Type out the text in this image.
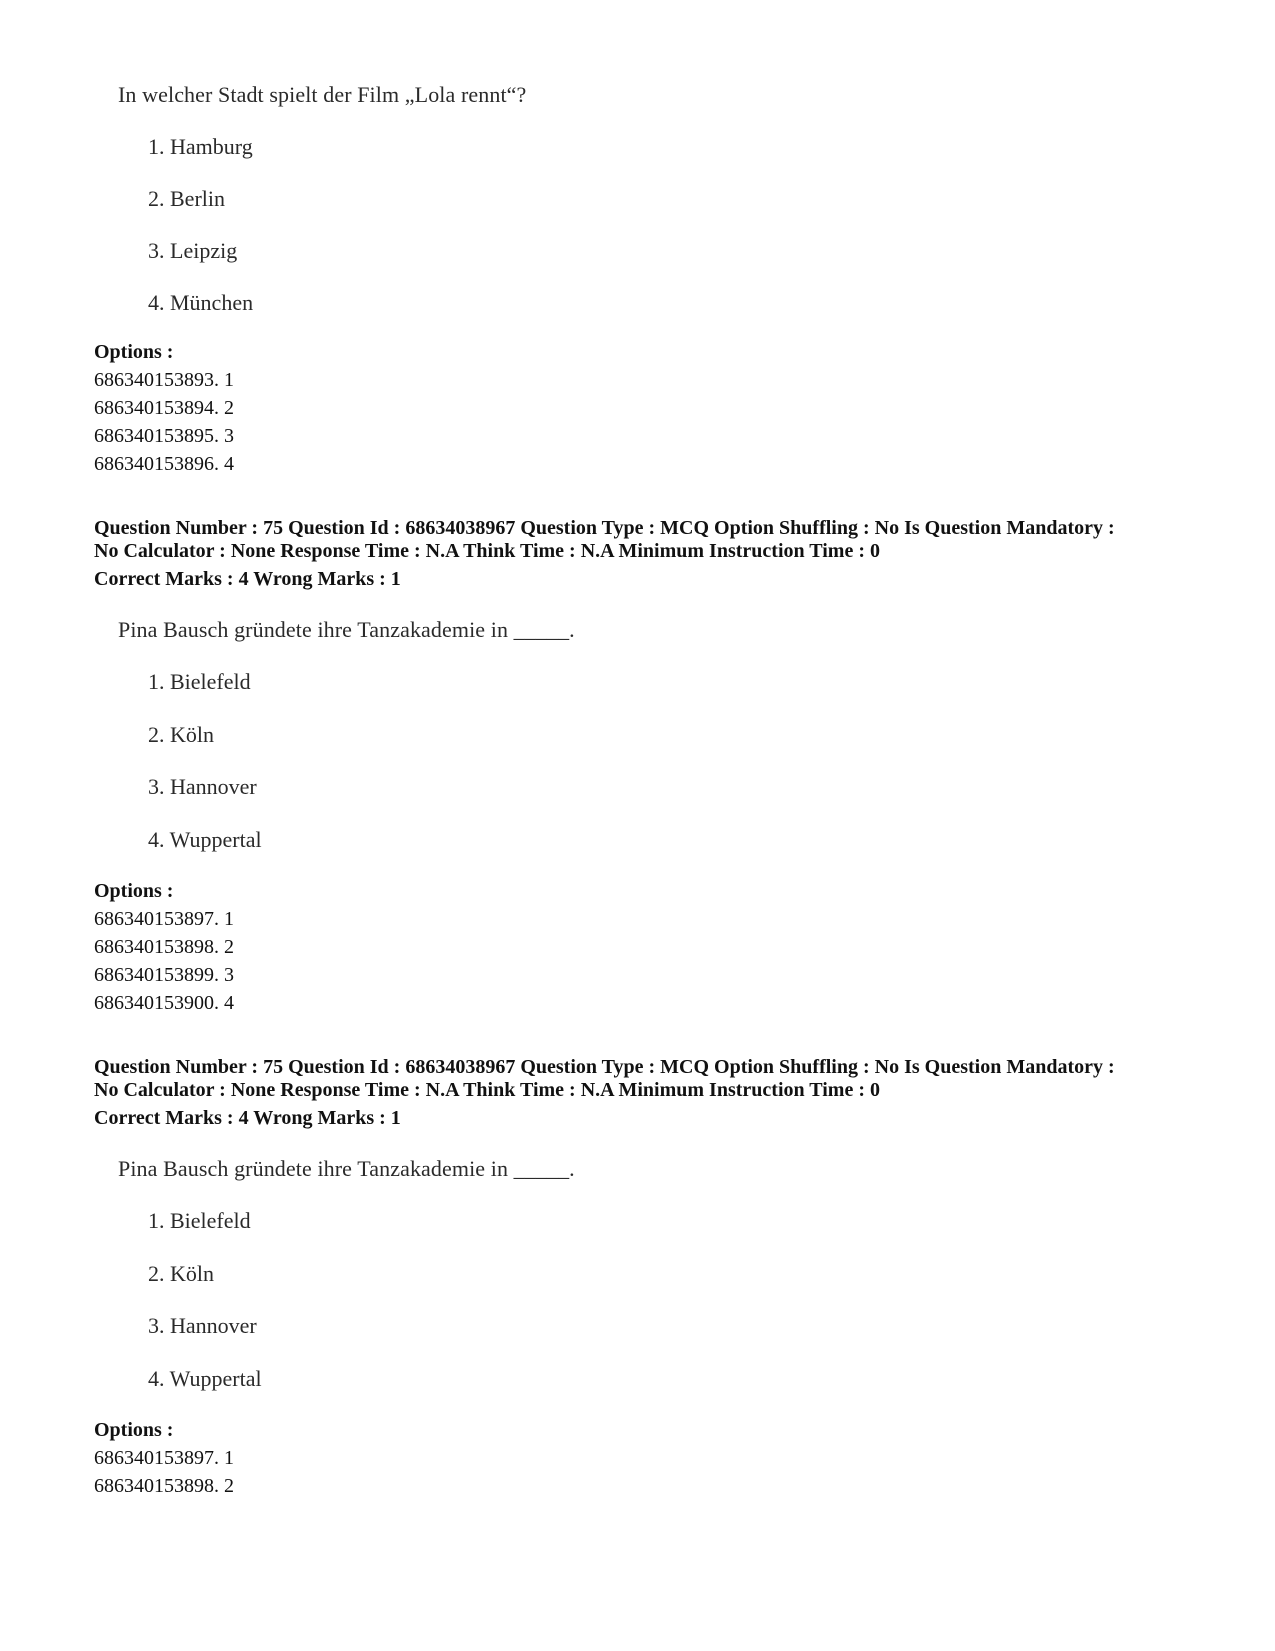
In welcher Stadt spielt der Film „Lola rennt“?
1. Hamburg
2. Berlin
3. Leipzig
4. München
Options :
686340153893. 1
686340153894. 2
686340153895. 3
686340153896. 4
Question Number : 75 Question Id : 68634038967 Question Type : MCQ Option Shuffling : No Is Question Mandatory :
No Calculator : None Response Time : N.A Think Time : N.A Minimum Instruction Time : 0
Correct Marks : 4 Wrong Marks : 1
Pina Bausch gründete ihre Tanzakademie in _____.
1. Bielefeld
2. Köln
3. Hannover
4. Wuppertal
Options :
686340153897. 1
686340153898. 2
686340153899. 3
686340153900. 4
Question Number : 75 Question Id : 68634038967 Question Type : MCQ Option Shuffling : No Is Question Mandatory :
No Calculator : None Response Time : N.A Think Time : N.A Minimum Instruction Time : 0
Correct Marks : 4 Wrong Marks : 1
Pina Bausch gründete ihre Tanzakademie in _____.
1. Bielefeld
2. Köln
3. Hannover
4. Wuppertal
Options :
686340153897. 1
686340153898. 2
